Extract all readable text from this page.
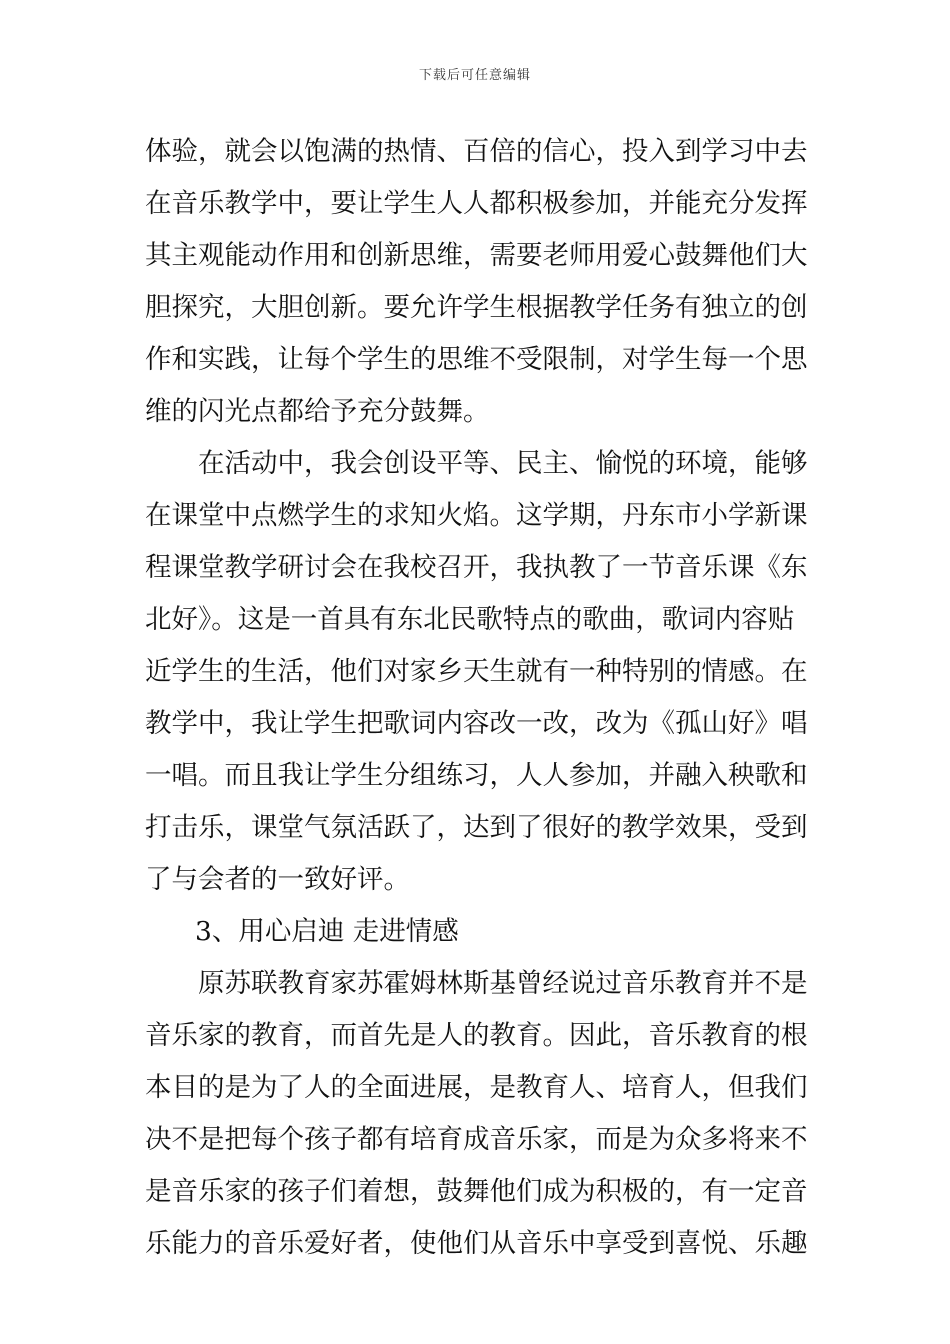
下载后可任意编辑
体验，就会以饱满的热情、百倍的信心，投入到学习中去
在音乐教学中，要让学生人人都积极参加，并能充分发挥
其主观能动作用和创新思维，需要老师用爱心鼓舞他们大
胆探究，大胆创新。要允许学生根据教学任务有独立的创
作和实践，让每个学生的思维不受限制，对学生每一个思
维的闪光点都给予充分鼓舞。
在活动中，我会创设平等、民主、愉悦的环境，能够
在课堂中点燃学生的求知火焰。这学期，丹东市小学新课
程课堂教学研讨会在我校召开，我执教了一节音乐课《东
北好》。这是一首具有东北民歌特点的歌曲，歌词内容贴
近学生的生活，他们对家乡天生就有一种特别的情感。在
教学中，我让学生把歌词内容改一改，改为《孤山好》唱
一唱。而且我让学生分组练习，人人参加，并融入秧歌和
打击乐，课堂气氛活跃了，达到了很好的教学效果，受到
了与会者的一致好评。
3、用心启迪 走进情感
原苏联教育家苏霍姆林斯基曾经说过音乐教育并不是
音乐家的教育，而首先是人的教育。因此，音乐教育的根
本目的是为了人的全面进展，是教育人、培育人，但我们
决不是把每个孩子都有培育成音乐家，而是为众多将来不
是音乐家的孩子们着想，鼓舞他们成为积极的，有一定音
乐能力的音乐爱好者，使他们从音乐中享受到喜悦、乐趣
